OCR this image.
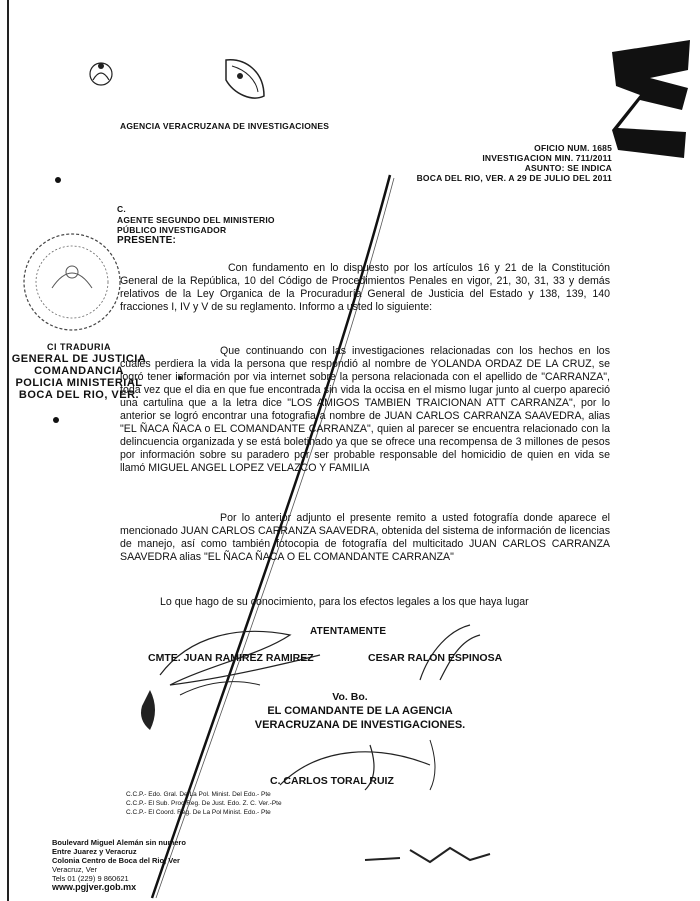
AGENCIA VERACRUZANA DE INVESTIGACIONES
OFICIO NUM. 1685
INVESTIGACION MIN. 711/2011
ASUNTO: SE INDICA
BOCA DEL RIO, VER. A 29 DE JULIO DEL 2011
C.
AGENTE SEGUNDO DEL MINISTERIO
PÚBLICO INVESTIGADOR
PRESENTE:
CI TRADURIA
GENERAL DE JUSTICIA
COMANDANCIA
POLICIA MINISTERIAL
BOCA DEL RIO, VER.
Con fundamento en lo dispuesto por los artículos 16 y 21 de la Constitución General de la República, 10 del Código de Procedimientos Penales en vigor, 21, 30, 31, 33 y demás relativos de la Ley Organica de la Procuraduría General de Justicia del Estado y 138, 139, 140 fracciones I, IV y V de su reglamento. Informo a usted lo siguiente:
Que continuando con las investigaciones relacionadas con los hechos en los cuales perdiera la vida la persona que respondió al nombre de YOLANDA ORDAZ DE LA CRUZ, se logró tener información por via internet sobre la persona relacionada con el apellido de "CARRANZA", toda vez que el dia en que fue encontrada sin vida la occisa en el mismo lugar junto al cuerpo apareció una cartulina que a la letra dice "LOS AMIGOS TAMBIEN TRAICIONAN ATT CARRANZA", por lo anterior se logró encontrar una fotografia a nombre de JUAN CARLOS CARRANZA SAAVEDRA, alias "EL ÑACA ÑACA o EL COMANDANTE CARRANZA", quien al parecer se encuentra relacionado con la delincuencia organizada y se está boletinado ya que se ofrece una recompensa de 3 millones de pesos por información sobre su paradero por ser probable responsable del homicidio de quien en vida se llamó MIGUEL ANGEL LOPEZ VELAZCO Y FAMILIA
Por lo anterior adjunto el presente remito a usted fotografía donde aparece el mencionado JUAN CARLOS CARRANZA SAAVEDRA, obtenida del sistema de información de licencias de manejo, así como también fotocopia de fotografía del multicitado JUAN CARLOS CARRANZA SAAVEDRA alias "EL ÑACA ÑACA O EL COMANDANTE CARRANZA"
Lo que hago de su conocimiento, para los efectos legales a los que haya lugar
ATENTAMENTE
CMTE. JUAN RAMIREZ RAMIREZ	CESAR RALON ESPINOSA
Vo. Bo.
EL COMANDANTE DE LA AGENCIA
VERACRUZANA DE INVESTIGACIONES.
C. CARLOS TORAL RUIZ
C.C.P.- Edo. Gral. De La Pol. Minist. Del Edo.- Pte
C.C.P.- El Sub. Proc Reg. De Just. Edo. Z. C. Ver.-Pte
C.C.P.- El Coord. Reg. De La Pol Minist. Edo.- Pte
Boulevard Miguel Alemán sin numero
Entre Juarez y Veracruz
Colonia Centro de Boca del Rio, Ver
Veracruz, Ver
Tels 01 (229) 9 860621
www.pgjver.gob.mx
